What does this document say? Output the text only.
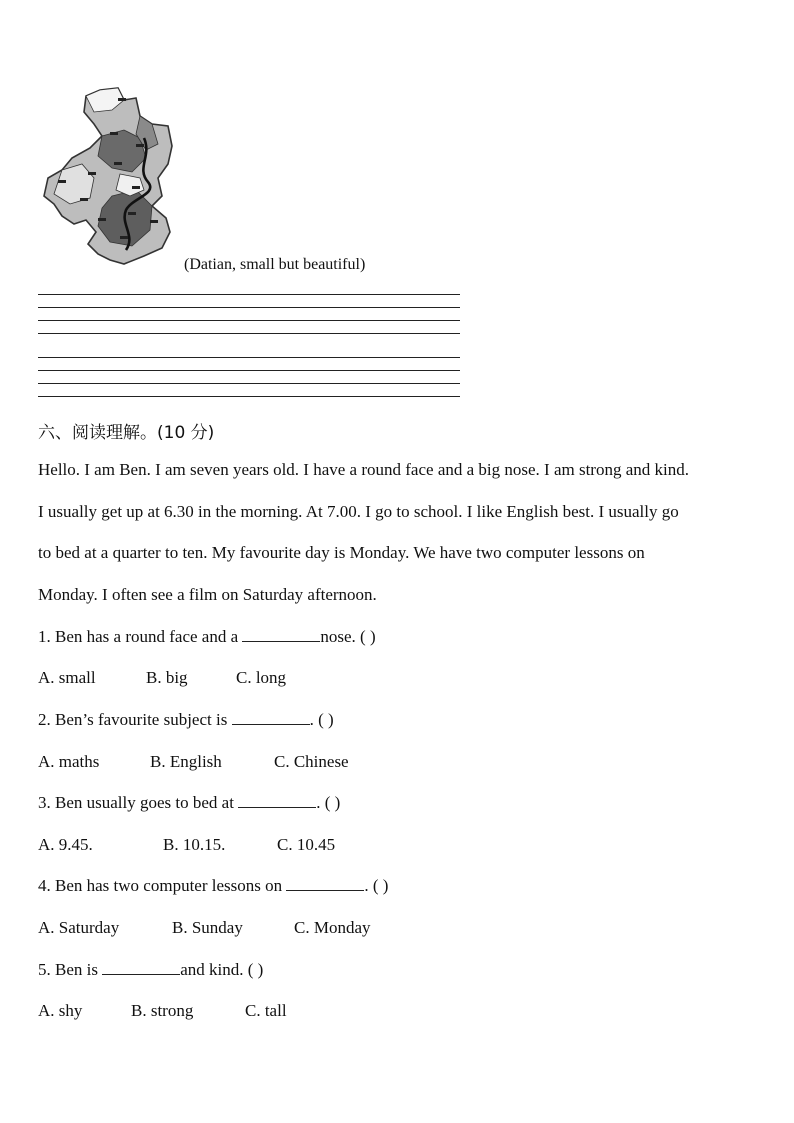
(Datian, small but beautiful)
六、阅读理解。(10 分)
Hello. I am Ben. I am seven years old. I have a round face and a big nose. I am strong and kind.
I usually get up at 6.30 in the morning. At 7.00. I go to school. I like English best. I usually go
to bed at a quarter to ten. My favourite day is Monday. We have two computer lessons on
Monday. I often see a film on Saturday afternoon.
1. Ben has a round face and a	nose. ( )
A. small	B. big	C. long
2. Ben’s favourite subject is	. ( )
A. maths	B. English	C. Chinese
3. Ben usually goes to bed at	. ( )
A. 9.45.	B. 10.15.	C. 10.45
4. Ben has two computer lessons on	. ( )
A. Saturday	B. Sunday	C. Monday
5. Ben is	and kind. ( )
A. shy	B. strong	C. tall
